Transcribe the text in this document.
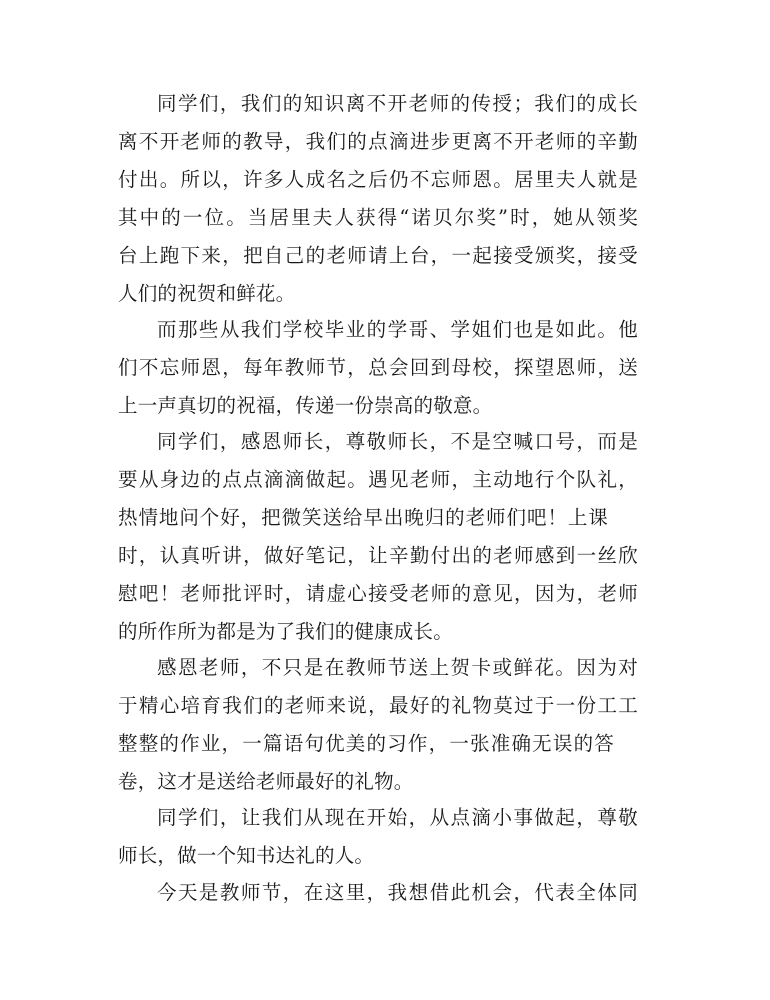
同学们，我们的知识离不开老师的传授；我们的成长
离不开老师的教导，我们的点滴进步更离不开老师的辛勤
付出。所以，许多人成名之后仍不忘师恩。居里夫人就是
其中的一位。当居里夫人获得“诺贝尔奖”时，她从领奖
台上跑下来，把自己的老师请上台，一起接受颁奖，接受
人们的祝贺和鲜花。
而那些从我们学校毕业的学哥、学姐们也是如此。他
们不忘师恩，每年教师节，总会回到母校，探望恩师，送
上一声真切的祝福，传递一份崇高的敬意。
同学们，感恩师长，尊敬师长，不是空喊口号，而是
要从身边的点点滴滴做起。遇见老师，主动地行个队礼，
热情地问个好，把微笑送给早出晚归的老师们吧！上课
时，认真听讲，做好笔记，让辛勤付出的老师感到一丝欣
慰吧！老师批评时，请虚心接受老师的意见，因为，老师
的所作所为都是为了我们的健康成长。
感恩老师，不只是在教师节送上贺卡或鲜花。因为对
于精心培育我们的老师来说，最好的礼物莫过于一份工工
整整的作业，一篇语句优美的习作，一张准确无误的答
卷，这才是送给老师最好的礼物。
同学们，让我们从现在开始，从点滴小事做起，尊敬
师长，做一个知书达礼的人。
今天是教师节，在这里，我想借此机会，代表全体同
